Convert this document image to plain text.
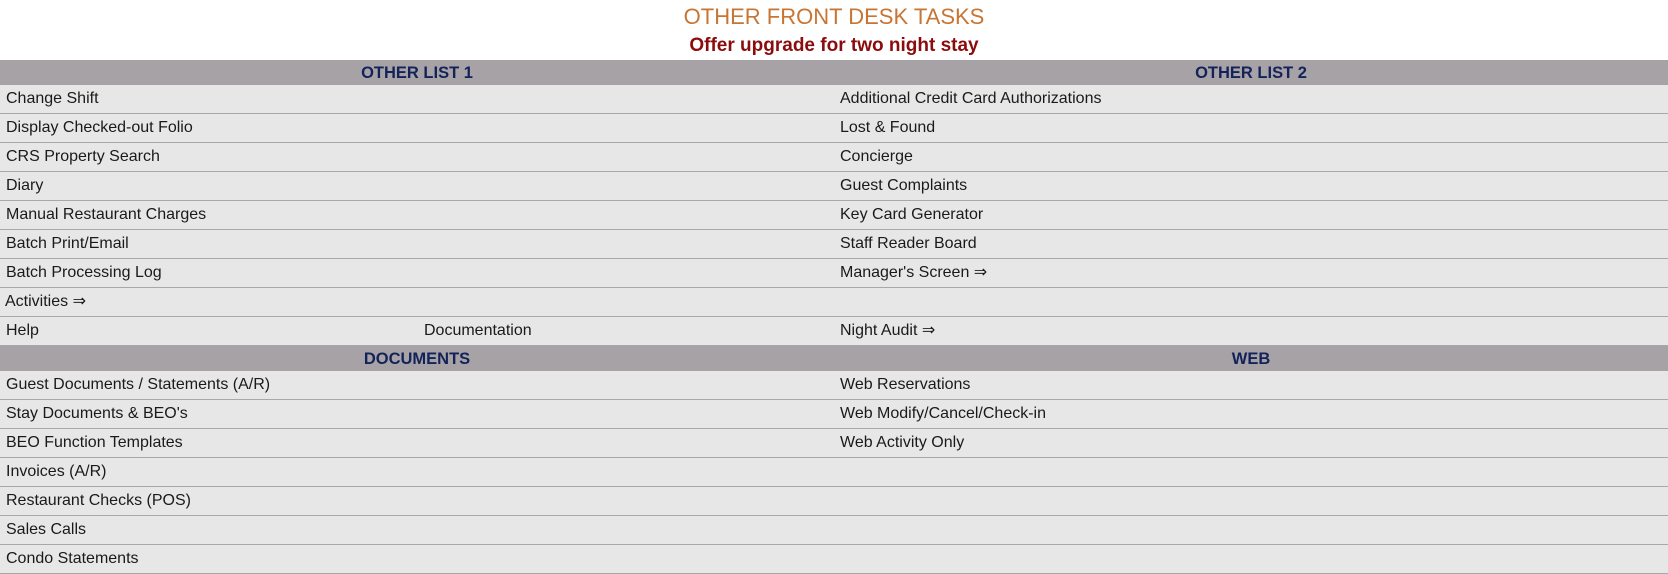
OTHER FRONT DESK TASKS
Offer upgrade for two night stay
OTHER LIST 1	OTHER LIST 2
Change Shift	Additional Credit Card Authorizations
Display Checked-out Folio	Lost & Found
CRS Property Search	Concierge
Diary	Guest Complaints
Manual Restaurant Charges	Key Card Generator
Batch Print/Email	Staff Reader Board
Batch Processing Log	Manager's Screen ⇒
Activities ⇒
Help	Documentation	Night Audit ⇒
DOCUMENTS	WEB
Guest Documents / Statements (A/R)	Web Reservations
Stay Documents & BEO's	Web Modify/Cancel/Check-in
BEO Function Templates	Web Activity Only
Invoices (A/R)
Restaurant Checks (POS)
Sales Calls
Condo Statements
